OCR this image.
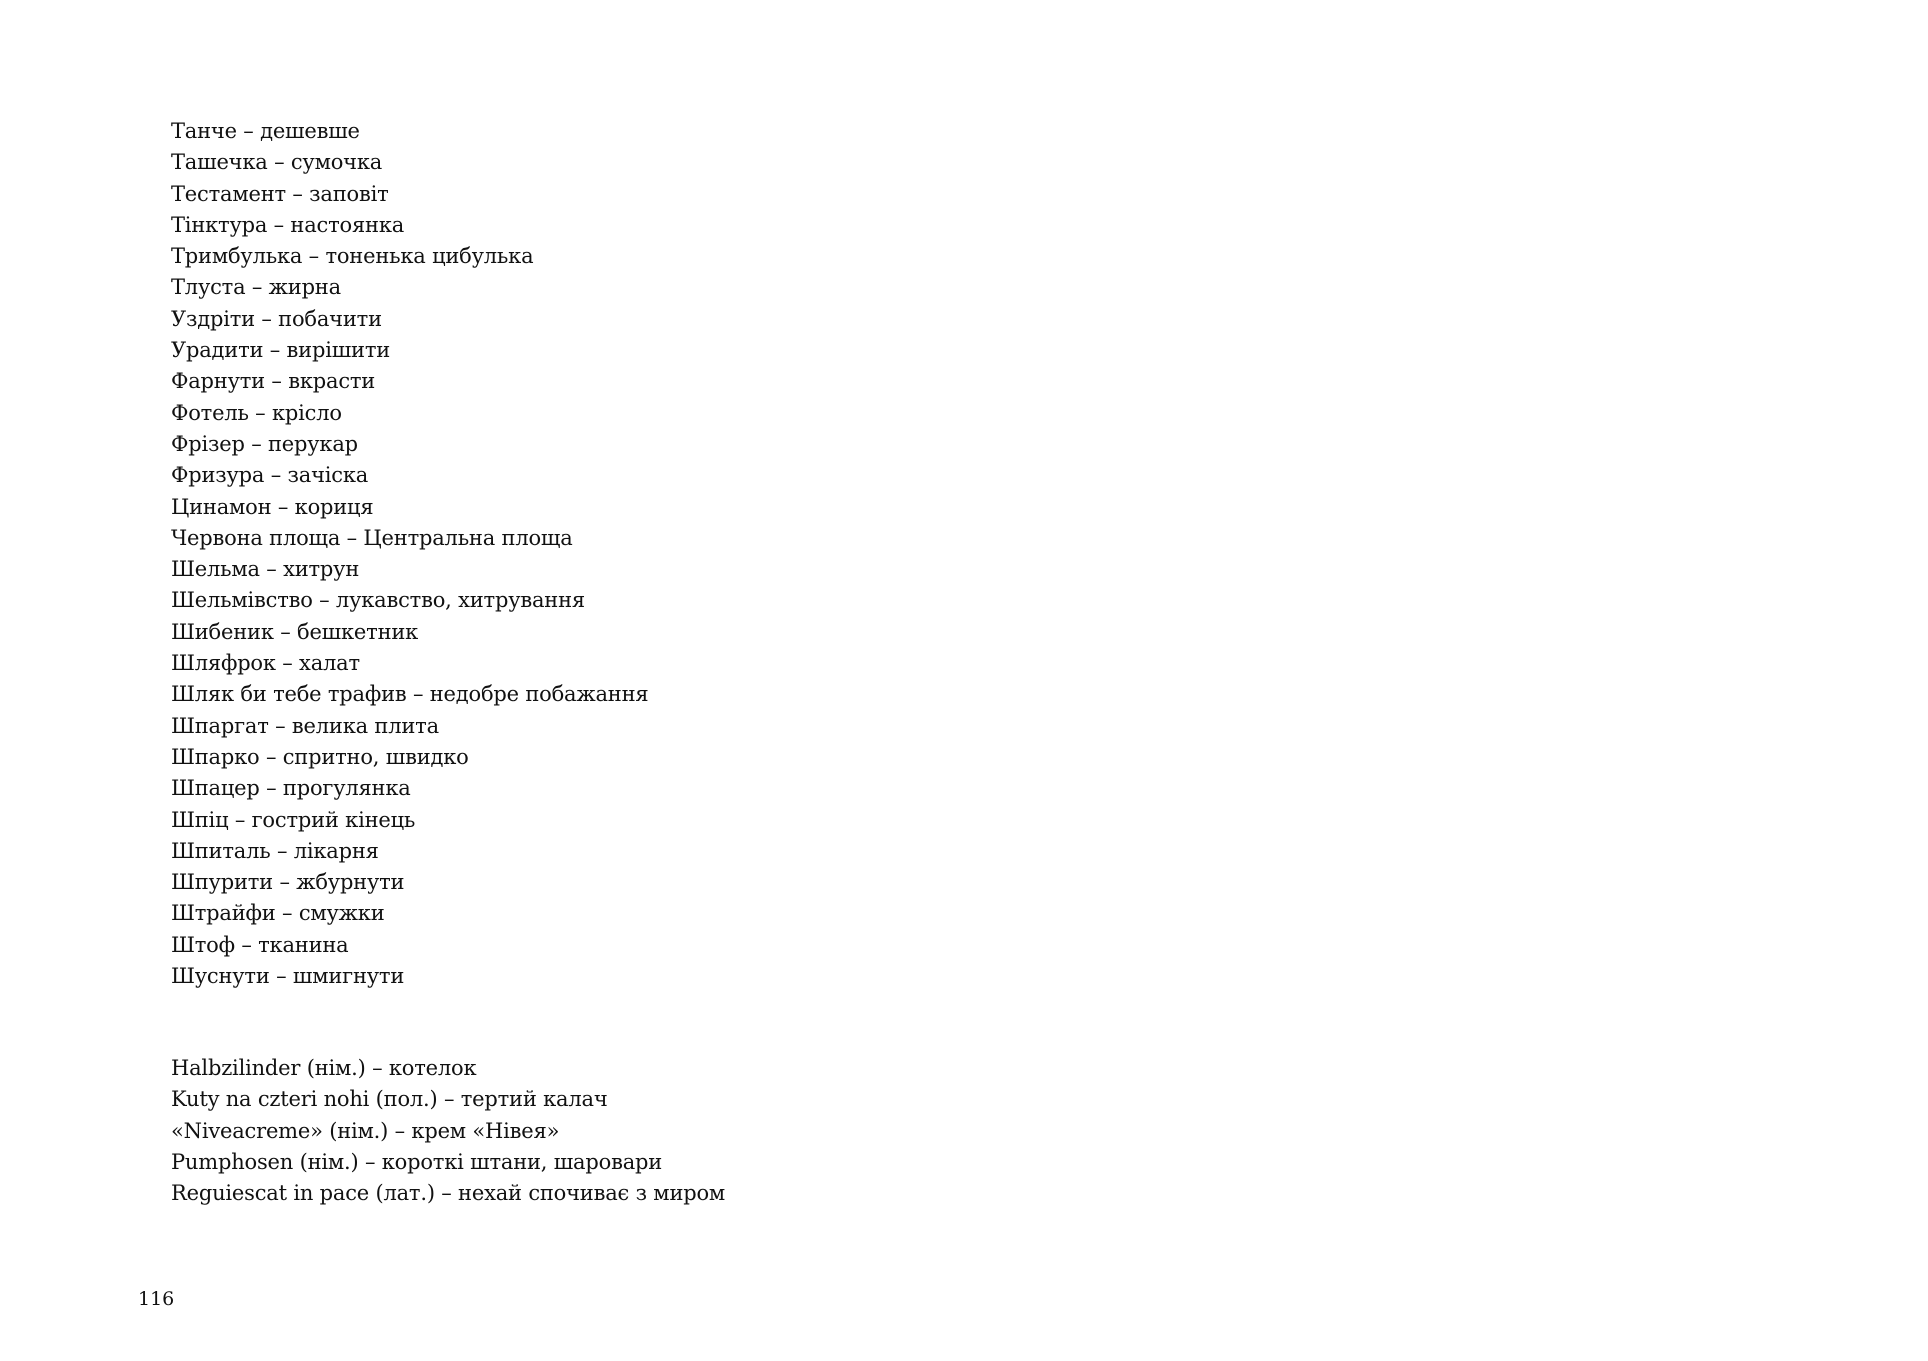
Танче – дешевше
Ташечка – сумочка
Тестамент – заповіт
Тінктура – настоянка
Тримбулька – тоненька цибулька
Тлуста – жирна
Уздріти – побачити
Урадити – вирішити
Фарнути – вкрасти
Фотель – крісло
Фрізер – перукар
Фризура – зачіска
Цинамон – кориця
Червона площа – Центральна площа
Шельма – хитрун
Шельмівство – лукавство, хитрування
Шибеник – бешкетник
Шляфрок – халат
Шляк би тебе трафив – недобре побажання
Шпаргат – велика плита
Шпарко – спритно, швидко
Шпацер – прогулянка
Шпіц – гострий кінець
Шпиталь – лікарня
Шпурити – жбурнути
Штрайфи – смужки
Штоф – тканина
Шуснути – шмигнути
Halbzilinder (нім.) – котелок
Kuty na czteri nohi (пол.) – тертий калач
«Niveacreme» (нім.) – крем «Нівея»
Pumphosen (нім.) – короткі штани, шаровари
Reguiescat in pace (лат.) – нехай спочиває з миром
116
